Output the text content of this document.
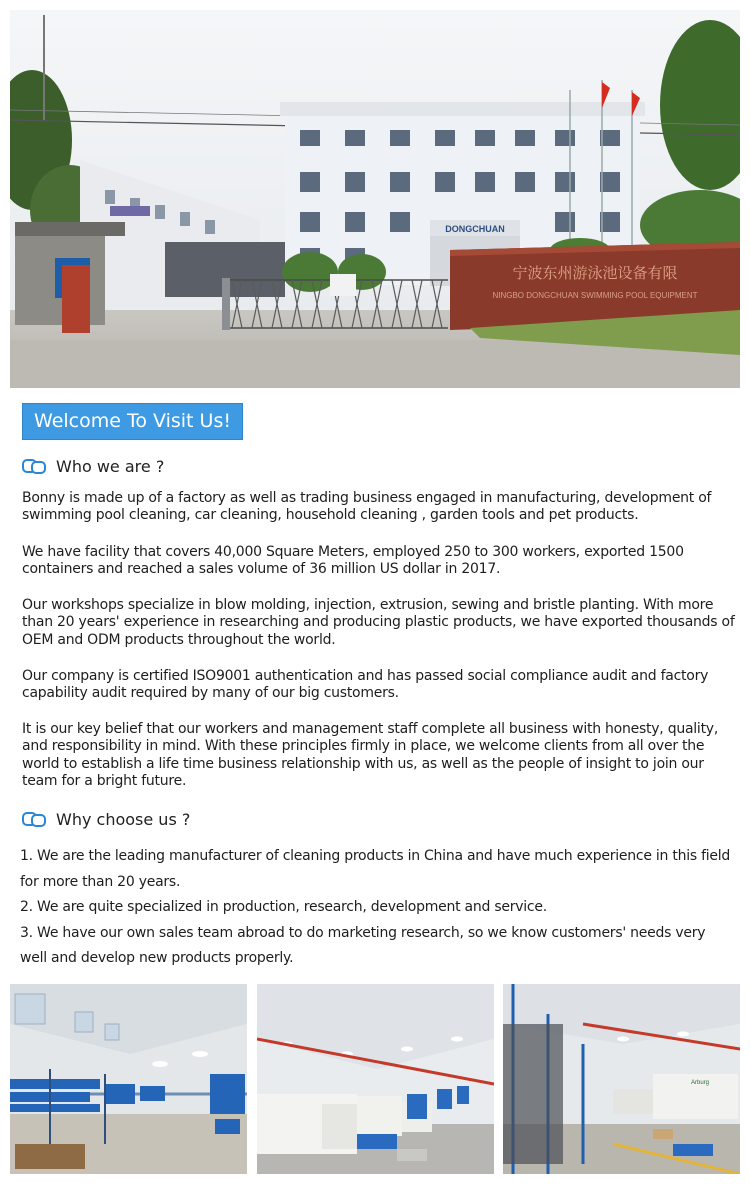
DONGCHUAN
宁波东州游泳池设备有限
NINGBO DONGCHUAN SWIMMING POOL EQUIPMENT
Welcome To Visit Us!
Who we are ?

Bonny is made up of a factory as well as trading business engaged in manufacturing, development of swimming pool cleaning, car cleaning, household cleaning , garden tools and pet products.

We have facility that covers 40,000 Square Meters, employed 250 to 300 workers, exported 1500 containers and reached a sales volume of 36 million US dollar in 2017.

Our workshops specialize in blow molding, injection, extrusion, sewing and bristle planting. With more than 20 years' experience in researching and producing plastic products, we have exported thousands of OEM and ODM products throughout the world.

Our company is certified ISO9001 authentication and has passed social compliance audit and factory capability audit required by many of our big customers.

It is our key belief that our workers and management staff complete all business with honesty, quality, and responsibility in mind. With these principles firmly in place, we welcome clients from all over the world to establish a life time business relationship with us, as well as the people of insight to join our team for a bright future.

Why choose us ?

1. We are the leading manufacturer of cleaning products in China and have much experience in this field for more than 20 years.

2. We are quite specialized in production, research, development and service.

3. We have our own sales team abroad to do marketing research, so we know customers' needs very well and develop new products properly.

Arburg
